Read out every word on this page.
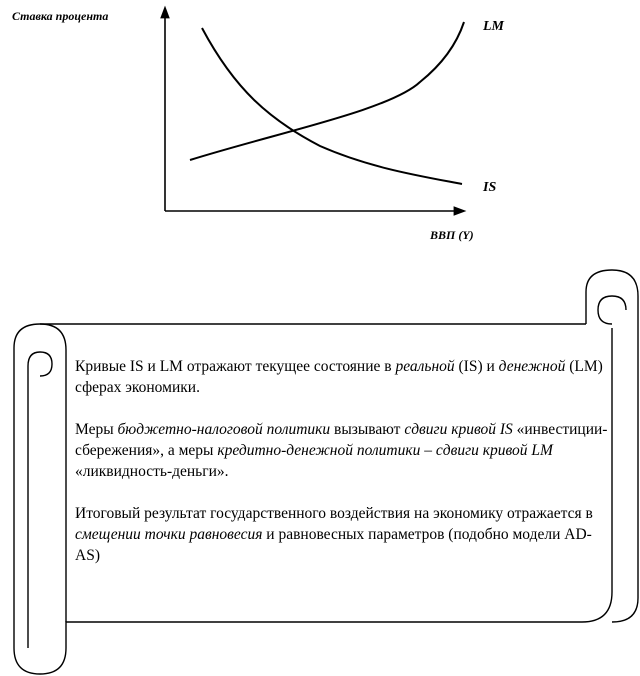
Ставка процента
LM
IS
ВВП (Y)

Кривые IS и LM отражают текущее состояние в реальной (IS) и денежной (LM) сферах экономики.

Меры бюджетно-налоговой политики вызывают сдвиги кривой IS «инвестиции-сбережения», а меры кредитно-денежной политики – сдвиги кривой LM «ликвидность-деньги».

Итоговый результат государственного воздействия на экономику отражается в смещении точки равновесия и равновесных параметров (подобно модели AD-AS)
